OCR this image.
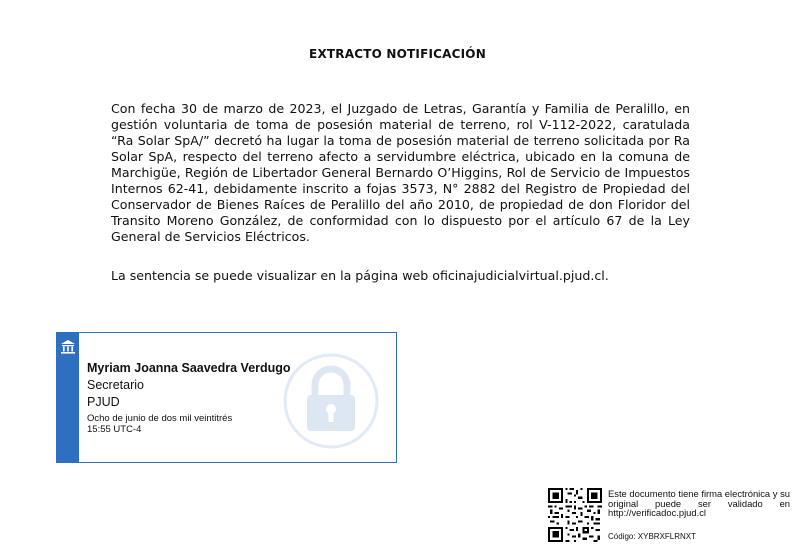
EXTRACTO NOTIFICACIÓN

Con fecha 30 de marzo de 2023, el Juzgado de Letras, Garantía y Familia de Peralillo, en gestión voluntaria de toma de posesión material de terreno, rol V-112-2022, caratulada “Ra Solar SpA/” decretó ha lugar la toma de posesión material de terreno solicitada por Ra Solar SpA, respecto del terreno afecto a servidumbre eléctrica, ubicado en la comuna de Marchigüe, Región de Libertador General Bernardo O’Higgins, Rol de Servicio de Impuestos Internos 62-41, debidamente inscrito a fojas 3573, N° 2882 del Registro de Propiedad del Conservador de Bienes Raíces de Peralillo del año 2010, de propiedad de don Floridor del Transito Moreno González, de conformidad con lo dispuesto por el artículo 67 de la Ley General de Servicios Eléctricos.

La sentencia se puede visualizar en la página web oficinajudicialvirtual.pjud.cl.

Myriam Joanna Saavedra Verdugo
Secretario
PJUD
Ocho de junio de dos mil veintitrés
15:55 UTC-4
Este documento tiene firma electrónica y su original puede ser validado en http://verificadoc.pjud.cl
Código: XYBRXFLRNXT
